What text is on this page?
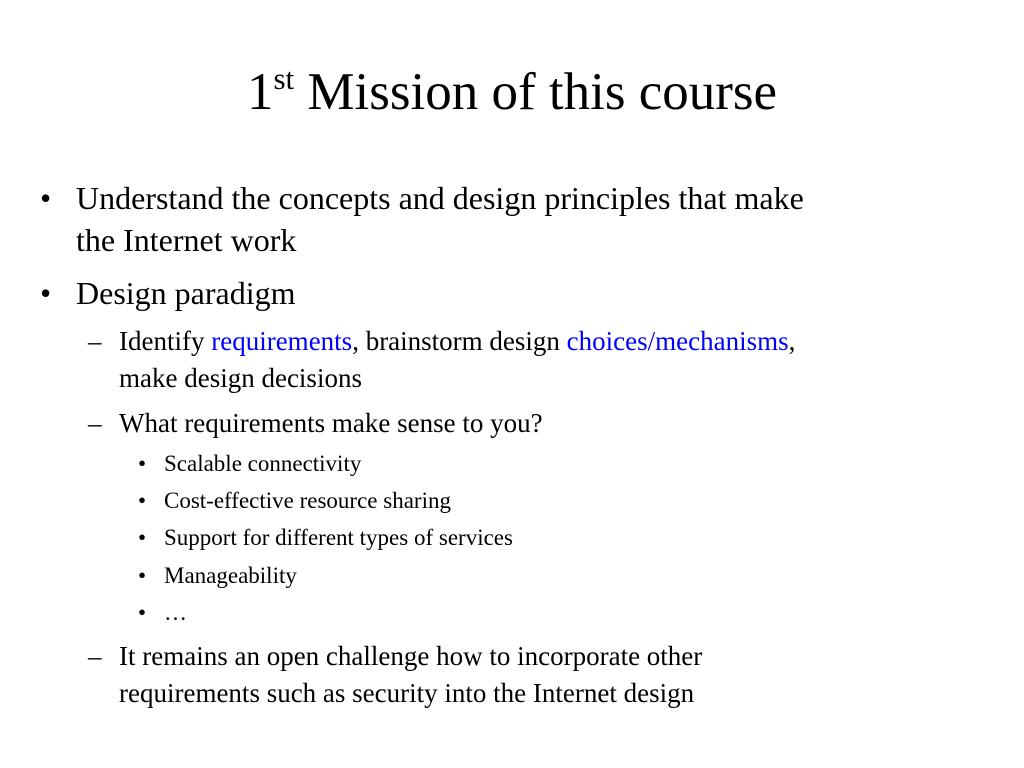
1st Mission of this course
• Understand the concepts and design principles that make
the Internet work
• Design paradigm
– Identify requirements, brainstorm design choices/mechanisms,
make design decisions
– What requirements make sense to you?
• Scalable connectivity
• Cost-effective resource sharing
• Support for different types of services
• Manageability
• …
– It remains an open challenge how to incorporate other
requirements such as security into the Internet design
